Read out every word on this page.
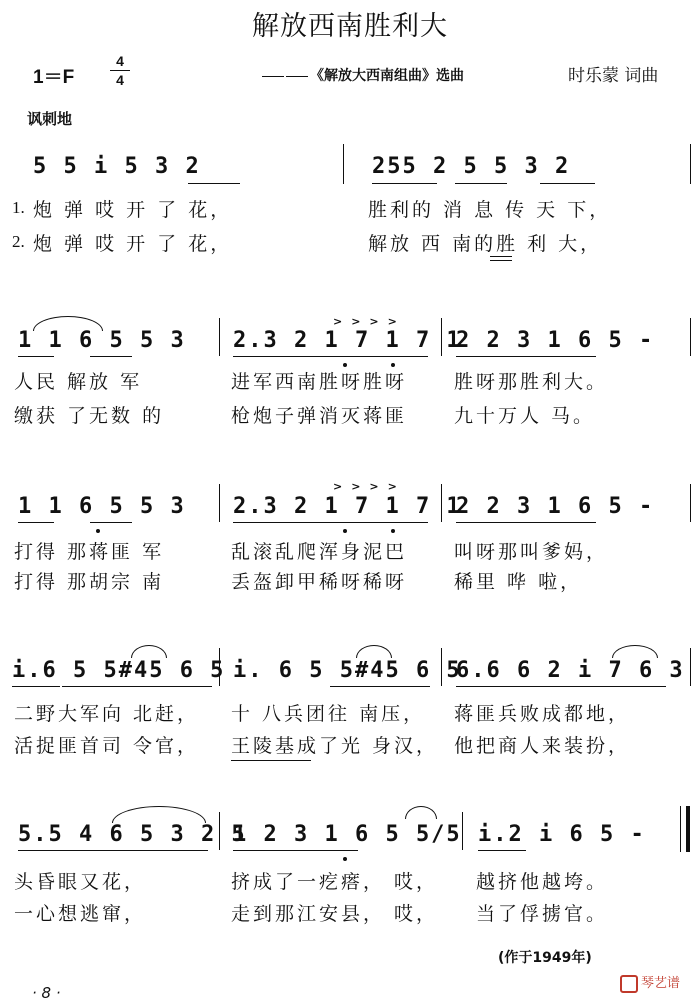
解放西南胜利大
1＝F
4
4	《解放大西南组曲》选曲	时乐蒙 词曲
讽刺地
5 5 i 5 3 2	255 2 5 5 3 2
1.
2.
炮 弹 哎 开 了 花，	胜利的 消 息 传 天 下，
炮 弹 哎 开 了 花，	解放 西 南的胜 利 大，
>>>>
1 1 6 5 5 3 2.3 2 1 7 1 7 1
2 2 3 1 6 5 -
人民 解放 军	进军西南胜呀胜呀 胜呀那胜利大。
缴获 了无数 的	枪炮子弹消灭蒋匪 九十万人 马。
>>>>
1 1 6 5 5 3 2.3 2 1 7 1 7 1
2 2 3 1 6 5 -
打得 那蒋匪 军	乱滚乱爬浑身泥巴 叫呀那叫爹妈，
打得 那胡宗 南	丢盔卸甲稀呀稀呀 稀里 哗 啦，
i.6 5 5#45 6 5 i. 6 5 5#45 6 5
6.6 6 2 i 7 6 3
二野大军向 北赶， 十 八兵团往 南压， 蒋匪兵败成都地，
活捉匪首司 令官， 王陵基成了光 身汉， 他把商人来装扮，
5.5 4 6 5 3 2 5
1 2 3 1 6 5 5/5 i.2 i 6 5 -
头昏眼又花，	挤成了一疙瘩， 哎， 越挤他越垮。
一心想逃窜，	走到那江安县， 哎， 当了俘掳官。
(作于1949年)
· 8 ·
琴艺谱
